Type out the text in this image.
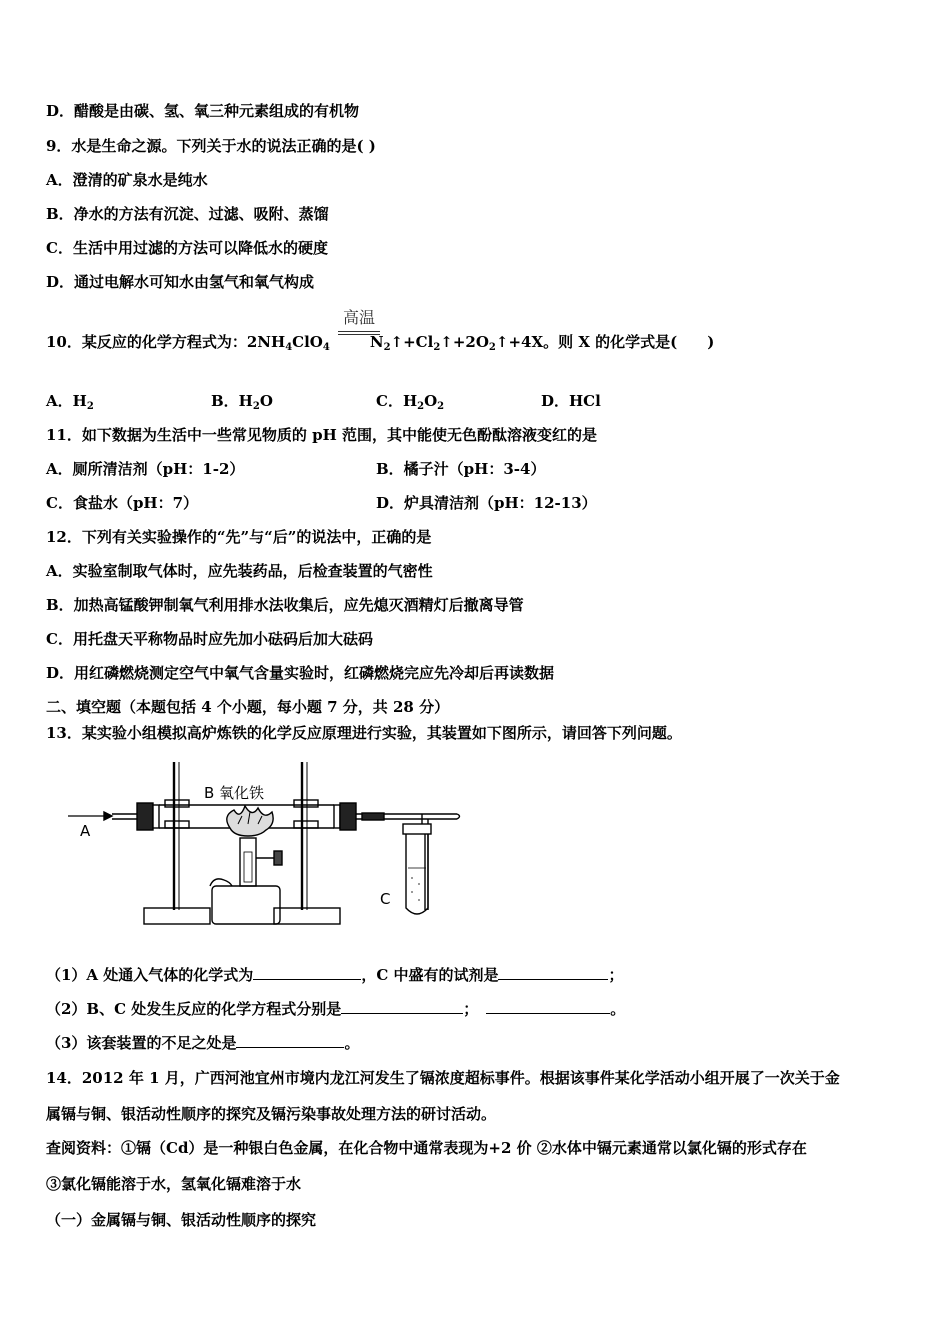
D．醋酸是由碳、氢、氧三种元素组成的有机物
9．水是生命之源。下列关于水的说法正确的是( )
A．澄清的矿泉水是纯水
B．净水的方法有沉淀、过滤、吸附、蒸馏
C．生活中用过滤的方法可以降低水的硬度
D．通过电解水可知水由氢气和氧气构成
高温
10．某反应的化学方程式为：$2NH_4ClO_4$	$N_2↑+Cl_2↑+2O_2↑+4X$。则 X 的化学式是(　　)
A．$H_2$	B．$H_2O$	C．$H_2O_2$	D．HCl
11．如下数据为生活中一些常见物质的 pH 范围，其中能使无色酚酞溶液变红的是
A．厕所清洁剂（pH：1-2）	B．橘子汁（pH：3-4）
C．食盐水（pH：7）	D．炉具清洁剂（pH：12-13）
12．下列有关实验操作的“先”与“后”的说法中，正确的是
A．实验室制取气体时，应先装药品，后检查装置的气密性
B．加热高锰酸钾制氧气利用排水法收集后，应先熄灭酒精灯后撤离导管
C．用托盘天平称物品时应先加小砝码后加大砝码
D．用红磷燃烧测定空气中氧气含量实验时，红磷燃烧完应先冷却后再读数据
二、填空题（本题包括 4 个小题，每小题 7 分，共 28 分）
13．某实验小组模拟高炉炼铁的化学反应原理进行实验，其装置如下图所示，请回答下列问题。
B 氧化铁
A
C
（1）A 处通入气体的化学式为	，C 中盛有的试剂是	；
（2）B、C 处发生反应的化学方程式分别是	；	。
（3）该套装置的不足之处是	。
14．2012 年 1 月，广西河池宜州市境内龙江河发生了镉浓度超标事件。根据该事件某化学活动小组开展了一次关于金
属镉与铜、银活动性顺序的探究及镉污染事故处理方法的研讨活动。
查阅资料：①镉（Cd）是一种银白色金属，在化合物中通常表现为+2 价 ②水体中镉元素通常以氯化镉的形式存在
③氯化镉能溶于水，氢氧化镉难溶于水
（一）金属镉与铜、银活动性顺序的探究
